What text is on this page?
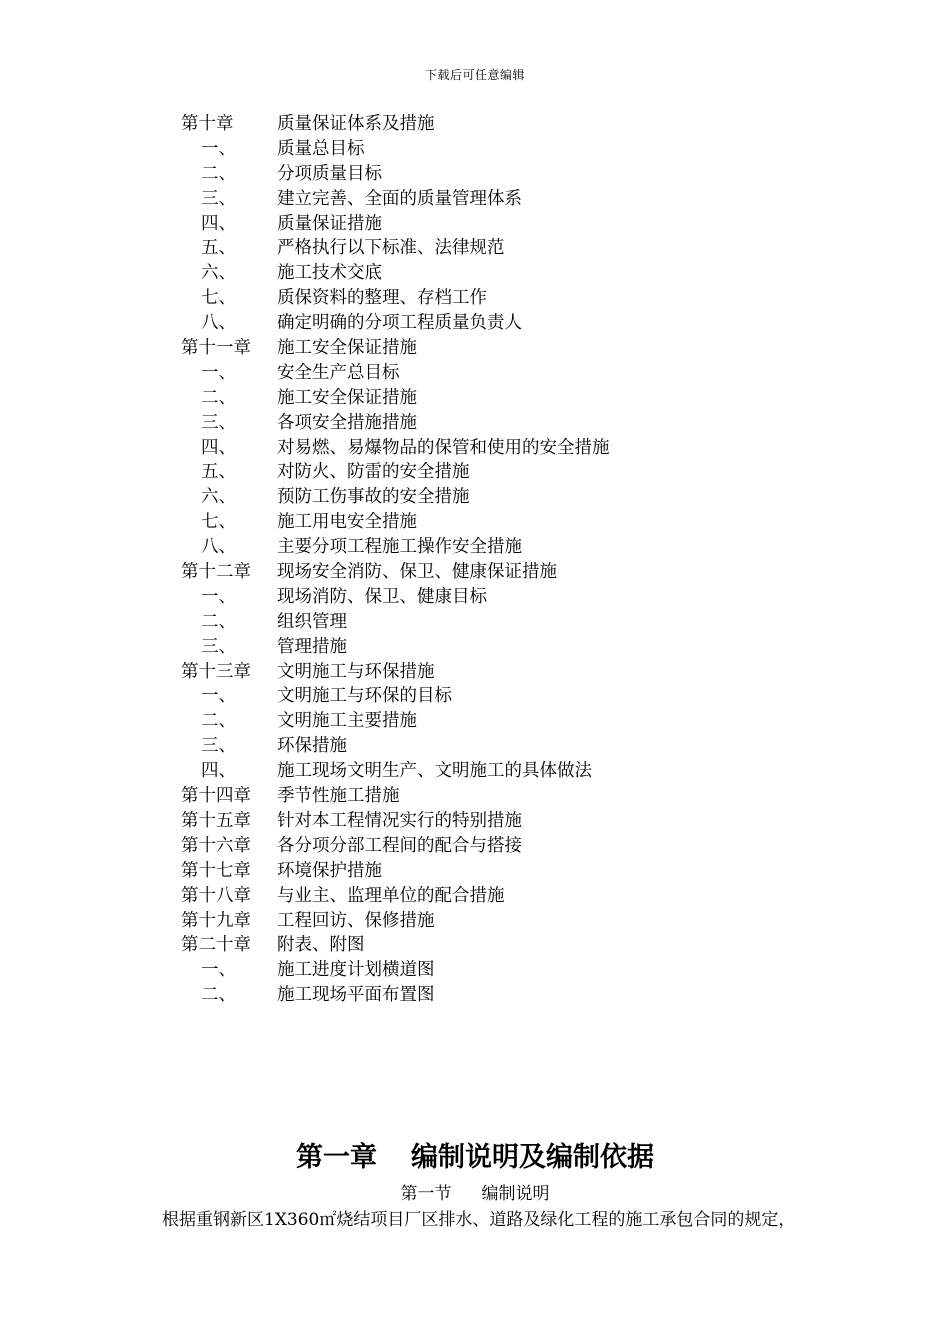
下载后可任意编辑
第十章 质量保证体系及措施
一、 质量总目标
二、 分项质量目标
三、 建立完善、全面的质量管理体系
四、 质量保证措施
五、 严格执行以下标准、法律规范
六、 施工技术交底
七、 质保资料的整理、存档工作
八、 确定明确的分项工程质量负责人
第十一章 施工安全保证措施
一、 安全生产总目标
二、 施工安全保证措施
三、 各项安全措施措施
四、 对易燃、易爆物品的保管和使用的安全措施
五、 对防火、防雷的安全措施
六、 预防工伤事故的安全措施
七、 施工用电安全措施
八、 主要分项工程施工操作安全措施
第十二章 现场安全消防、保卫、健康保证措施
一、 现场消防、保卫、健康目标
二、 组织管理
三、 管理措施
第十三章 文明施工与环保措施
一、 文明施工与环保的目标
二、 文明施工主要措施
三、 环保措施
四、 施工现场文明生产、文明施工的具体做法
第十四章 季节性施工措施
第十五章 针对本工程情况实行的特别措施
第十六章 各分项分部工程间的配合与搭接
第十七章 环境保护措施
第十八章 与业主、监理单位的配合措施
第十九章 工程回访、保修措施
第二十章 附表、附图
一、 施工进度计划横道图
二、 施工现场平面布置图
第一章 编制说明及编制依据
第一节 编制说明
根据重钢新区1X360㎡烧结项目厂区排水、道路及绿化工程的施工承包合同的规定，
